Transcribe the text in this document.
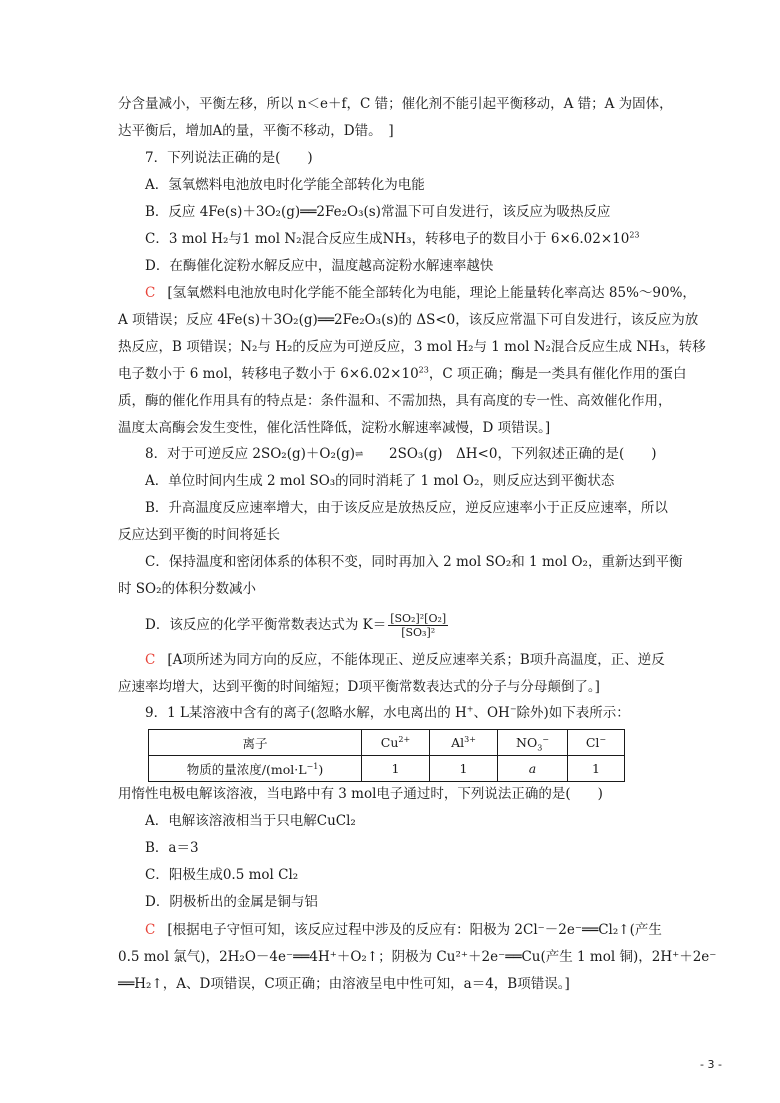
分含量减小，平衡左移，所以 n＜e＋f，C 错；催化剂不能引起平衡移动，A 错；A 为固体，
达平衡后，增加A的量，平衡不移动，D错。　]
7．下列说法正确的是(　　)
A．氢氧燃料电池放电时化学能全部转化为电能
B．反应 4Fe(s)＋3O₂(g)══2Fe₂O₃(s)常温下可自发进行，该反应为吸热反应
C．3 mol H₂与1 mol N₂混合反应生成NH₃，转移电子的数目小于 $6\times 6.02\times 10^{23}$
D．在酶催化淀粉水解反应中，温度越高淀粉水解速率越快
C [氢氧燃料电池放电时化学能不能全部转化为电能，理论上能量转化率高达 85%～90%，
A 项错误；反应 4Fe(s)＋3O₂(g)══2Fe₂O₃(s)的 ΔS<0，该反应常温下可自发进行，该反应为放
热反应，B 项错误；N₂与 H₂的反应为可逆反应，3 mol H₂与 1 mol N₂混合反应生成 NH₃，转移
电子数小于 6 mol，转移电子数小于 $6\times 6.02\times 10^{23}$，C 项正确；酶是一类具有催化作用的蛋白
质，酶的催化作用具有的特点是：条件温和、不需加热，具有高度的专一性、高效催化作用，
温度太高酶会发生变性，催化活性降低，淀粉水解速率减慢，D 项错误。]
8．对于可逆反应 2SO₂(g)＋O₂(g)⇌ 2SO₃(g)　ΔH<0，下列叙述正确的是(　　)
A．单位时间内生成 2 mol SO₃的同时消耗了 1 mol O₂，则反应达到平衡状态
B．升高温度反应速率增大，由于该反应是放热反应，逆反应速率小于正反应速率，所以
反应达到平衡的时间将延长
C．保持温度和密闭体系的体积不变，同时再加入 2 mol SO₂和 1 mol O₂，重新达到平衡
时 SO₂的体积分数减小
D．该反应的化学平衡常数表达式为 $K= \frac{\text{[SO₂]²[O₂]}}{\text{[SO₃]²}}$
C [A项所述为同方向的反应，不能体现正、逆反应速率关系；B项升高温度，正、逆反
应速率均增大，达到平衡的时间缩短；D项平衡常数表达式的分子与分母颠倒了。]
9．1 L某溶液中含有的离子(忽略水解，水电离出的 H+、OH−除外)如下表所示：
离子	$Cu^{2+}$	$Al^{3+}$	$NO_3^-$	Cl−
物质的量浓度$/(mol\cdot L^{-1})$	1	1	a	1
用惰性电极电解该溶液，当电路中有 3 mol电子通过时，下列说法正确的是(　　)
A．电解该溶液相当于只电解CuCl₂
B．a＝3
C．阳极生成0.5 mol Cl₂
D．阴极析出的金属是铜与铝
C [根据电子守恒可知，该反应过程中涉及的反应有：阳极为 2Cl⁻－2e⁻══Cl₂↑(产生
0.5 mol 氯气)，2H₂O－4e⁻══4H⁺＋O₂↑；阴极为 Cu²⁺＋2e⁻══Cu(产生 1 mol 铜)，2H⁺＋2e⁻
══H₂↑，A、D项错误，C项正确；由溶液呈电中性可知，a＝4，B项错误。]
- 3 -
